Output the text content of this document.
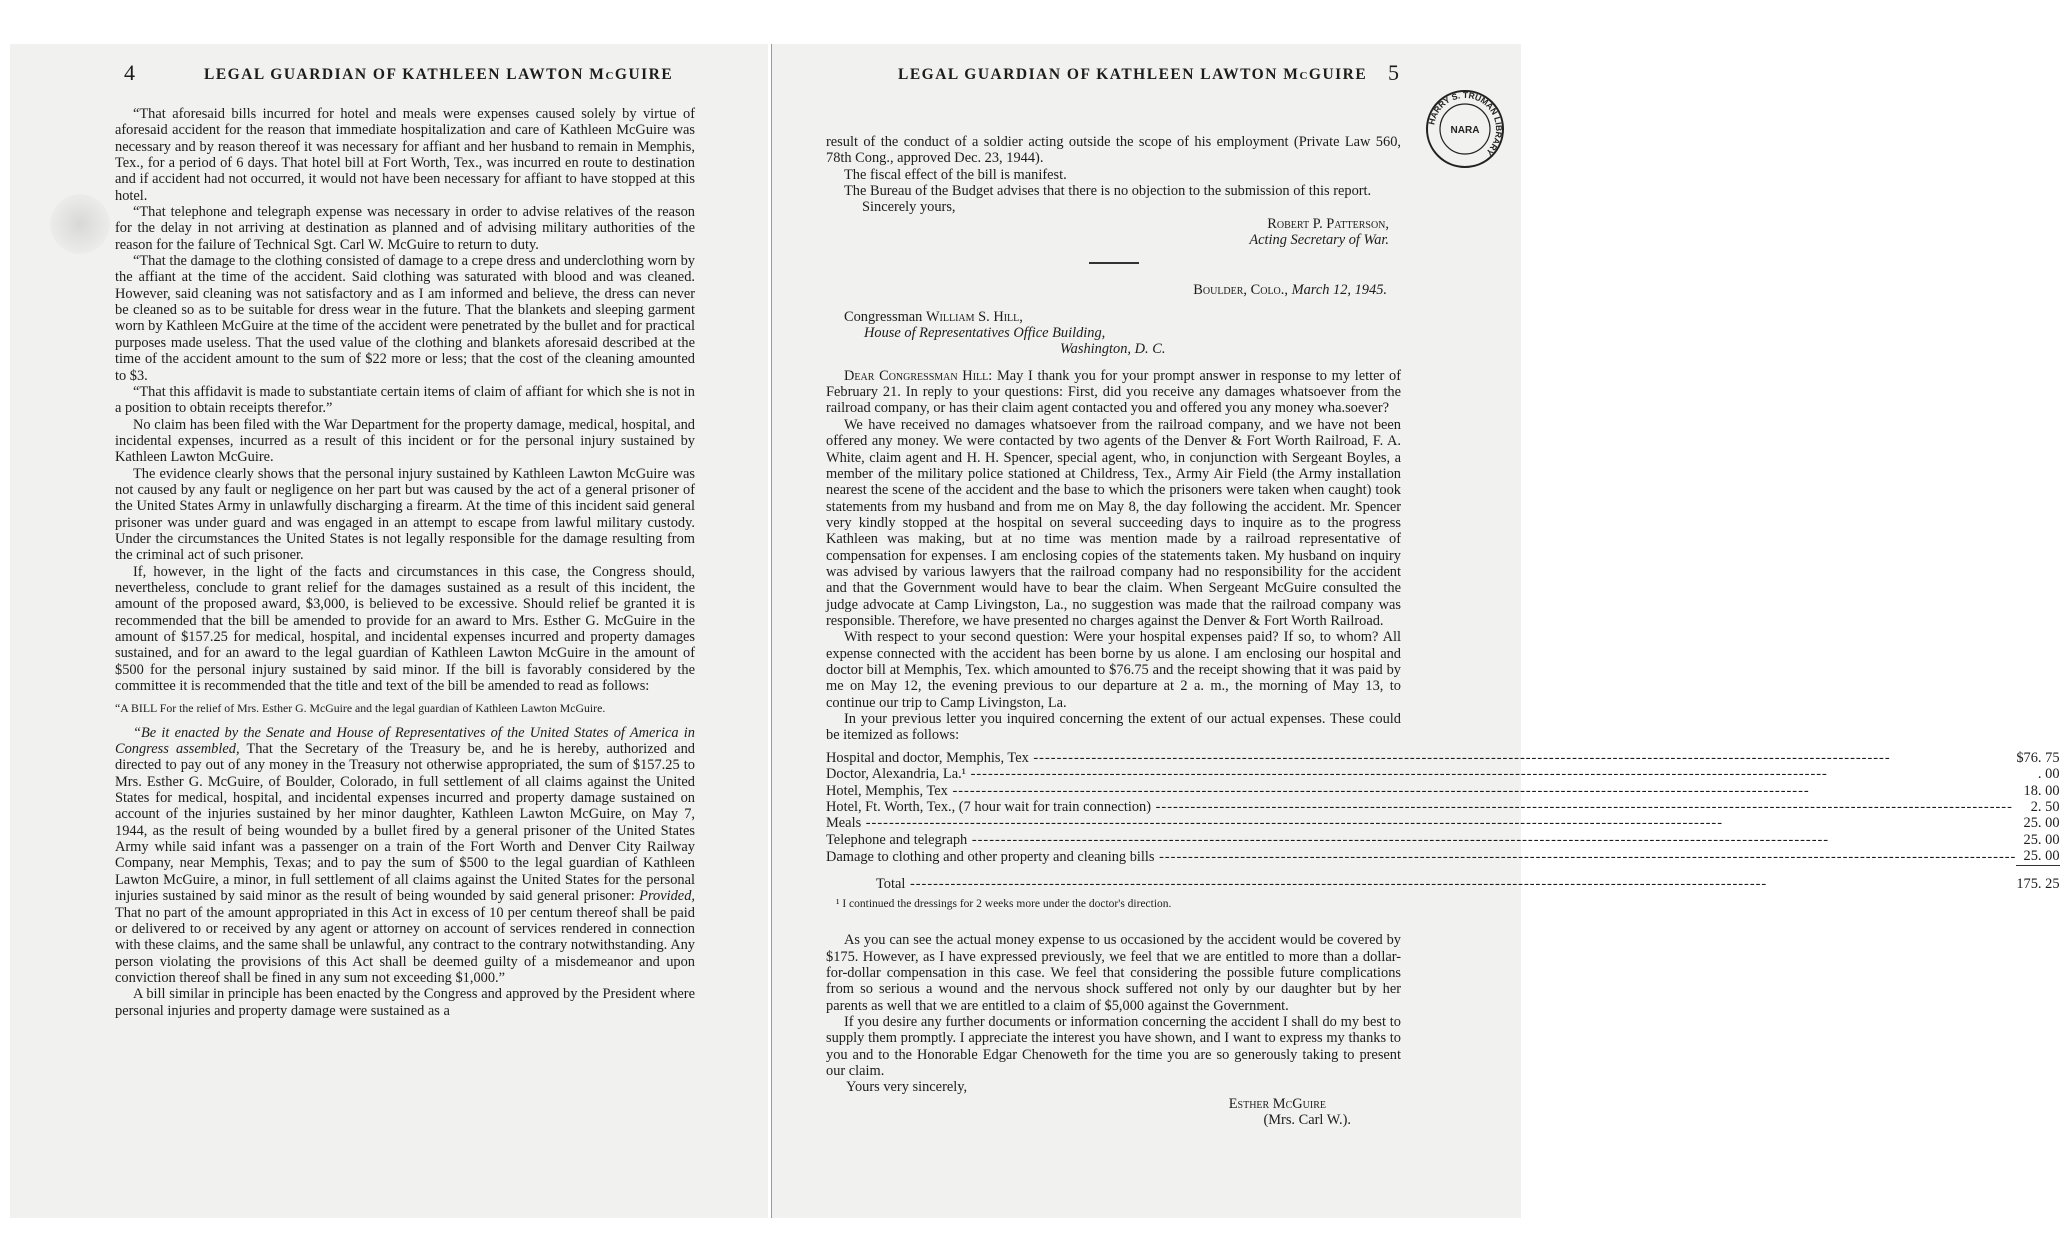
4	LEGAL GUARDIAN OF KATHLEEN LAWTON McGUIRE	LEGAL GUARDIAN OF KATHLEEN LAWTON McGUIRE 5
HARRY S. TRUMAN LIBRARY
NARA

“That aforesaid bills incurred for hotel and meals were expenses caused solely by virtue of aforesaid accident for the reason that immediate hospitalization and care of Kathleen McGuire was necessary and by reason thereof it was necessary for affiant and her husband to remain in Memphis, Tex., for a period of 6 days. That hotel bill at Fort Worth, Tex., was incurred en route to destination and if accident had not occurred, it would not have been necessary for affiant to have stopped at this hotel.

“That telephone and telegraph expense was necessary in order to advise relatives of the reason for the delay in not arriving at destination as planned and of advising military authorities of the reason for the failure of Technical Sgt. Carl W. McGuire to return to duty.

“That the damage to the clothing consisted of damage to a crepe dress and underclothing worn by the affiant at the time of the accident. Said clothing was saturated with blood and was cleaned. However, said cleaning was not satisfactory and as I am informed and believe, the dress can never be cleaned so as to be suitable for dress wear in the future. That the blankets and sleeping garment worn by Kathleen McGuire at the time of the accident were penetrated by the bullet and for practical purposes made useless. That the used value of the clothing and blankets aforesaid described at the time of the accident amount to the sum of $22 more or less; that the cost of the cleaning amounted to $3.

“That this affidavit is made to substantiate certain items of claim of affiant for which she is not in a position to obtain receipts therefor.”

No claim has been filed with the War Department for the property damage, medical, hospital, and incidental expenses, incurred as a result of this incident or for the personal injury sustained by Kathleen Lawton McGuire.

The evidence clearly shows that the personal injury sustained by Kathleen Lawton McGuire was not caused by any fault or negligence on her part but was caused by the act of a general prisoner of the United States Army in unlawfully discharging a firearm. At the time of this incident said general prisoner was under guard and was engaged in an attempt to escape from lawful military custody. Under the circumstances the United States is not legally responsible for the damage resulting from the criminal act of such prisoner.

If, however, in the light of the facts and circumstances in this case, the Congress should, nevertheless, conclude to grant relief for the damages sustained as a result of this incident, the amount of the proposed award, $3,000, is believed to be excessive. Should relief be granted it is recommended that the bill be amended to provide for an award to Mrs. Esther G. McGuire in the amount of $157.25 for medical, hospital, and incidental expenses incurred and property damages sustained, and for an award to the legal guardian of Kathleen Lawton McGuire in the amount of $500 for the personal injury sustained by said minor. If the bill is favorably considered by the committee it is recommended that the title and text of the bill be amended to read as follows:

“A BILL For the relief of Mrs. Esther G. McGuire and the legal guardian of Kathleen Lawton McGuire.

“Be it enacted by the Senate and House of Representatives of the United States of America in Congress assembled, That the Secretary of the Treasury be, and he is hereby, authorized and directed to pay out of any money in the Treasury not otherwise appropriated, the sum of $157.25 to Mrs. Esther G. McGuire, of Boulder, Colorado, in full settlement of all claims against the United States for medical, hospital, and incidental expenses incurred and property damage sustained on account of the injuries sustained by her minor daughter, Kathleen Lawton McGuire, on May 7, 1944, as the result of being wounded by a bullet fired by a general prisoner of the United States Army while said infant was a passenger on a train of the Fort Worth and Denver City Railway Company, near Memphis, Texas; and to pay the sum of $500 to the legal guardian of Kathleen Lawton McGuire, a minor, in full settlement of all claims against the United States for the personal injuries sustained by said minor as the result of being wounded by said general prisoner: Provided, That no part of the amount appropriated in this Act in excess of 10 per centum thereof shall be paid or delivered to or received by any agent or attorney on account of services rendered in connection with these claims, and the same shall be unlawful, any contract to the contrary notwithstanding. Any person violating the provisions of this Act shall be deemed guilty of a misdemeanor and upon conviction thereof shall be fined in any sum not exceeding $1,000.”

A bill similar in principle has been enacted by the Congress and approved by the President where personal injuries and property damage were sustained as a

result of the conduct of a soldier acting outside the scope of his employment (Private Law 560, 78th Cong., approved Dec. 23, 1944).

The fiscal effect of the bill is manifest.

The Bureau of the Budget advises that there is no objection to the submission of this report.

Sincerely yours,

Robert P. Patterson,

Acting Secretary of War.

Boulder, Colo., March 12, 1945.

Congressman William S. Hill,

House of Representatives Office Building,

Washington, D. C.

Dear Congressman Hill: May I thank you for your prompt answer in response to my letter of February 21. In reply to your questions: First, did you receive any damages whatsoever from the railroad company, or has their claim agent contacted you and offered you any money wha.soever?

We have received no damages whatsoever from the railroad company, and we have not been offered any money. We were contacted by two agents of the Denver & Fort Worth Railroad, F. A. White, claim agent and H. H. Spencer, special agent, who, in conjunction with Sergeant Boyles, a member of the military police stationed at Childress, Tex., Army Air Field (the Army installation nearest the scene of the accident and the base to which the prisoners were taken when caught) took statements from my husband and from me on May 8, the day following the accident. Mr. Spencer very kindly stopped at the hospital on several succeeding days to inquire as to the progress Kathleen was making, but at no time was mention made by a railroad representative of compensation for expenses. I am enclosing copies of the statements taken. My husband on inquiry was advised by various lawyers that the railroad company had no responsibility for the accident and that the Government would have to bear the claim. When Sergeant McGuire consulted the judge advocate at Camp Livingston, La., no suggestion was made that the railroad company was responsible. Therefore, we have presented no charges against the Denver & Fort Worth Railroad.

With respect to your second question: Were your hospital expenses paid? If so, to whom? All expense connected with the accident has been borne by us alone. I am enclosing our hospital and doctor bill at Memphis, Tex. which amounted to $76.75 and the receipt showing that it was paid by me on May 12, the evening previous to our departure at 2 a. m., the morning of May 13, to continue our trip to Camp Livingston, La.

In your previous letter you inquired concerning the extent of our actual expenses. These could be itemized as follows:

Hospital and doctor, Memphis, Tex -----	$76. 75
Doctor, Alexandria, La.¹ -----	. 00
Hotel, Memphis, Tex -----	18. 00
Hotel, Ft. Worth, Tex., (7 hour wait for train connection) -----	2. 50
Meals -----	25. 00
Telephone and telegraph -----	25. 00
Damage to clothing and other property and cleaning bills -----	25. 00
Total -----	175. 25

¹ I continued the dressings for 2 weeks more under the doctor's direction.

As you can see the actual money expense to us occasioned by the accident would be covered by $175. However, as I have expressed previously, we feel that we are entitled to more than a dollar-for-dollar compensation in this case. We feel that considering the possible future complications from so serious a wound and the nervous shock suffered not only by our daughter but by her parents as well that we are entitled to a claim of $5,000 against the Government.

If you desire any further documents or information concerning the accident I shall do my best to supply them promptly. I appreciate the interest you have shown, and I want to express my thanks to you and to the Honorable Edgar Chenoweth for the time you are so generously taking to present our claim.

Yours very sincerely,

Esther McGuire

(Mrs. Carl W.).
